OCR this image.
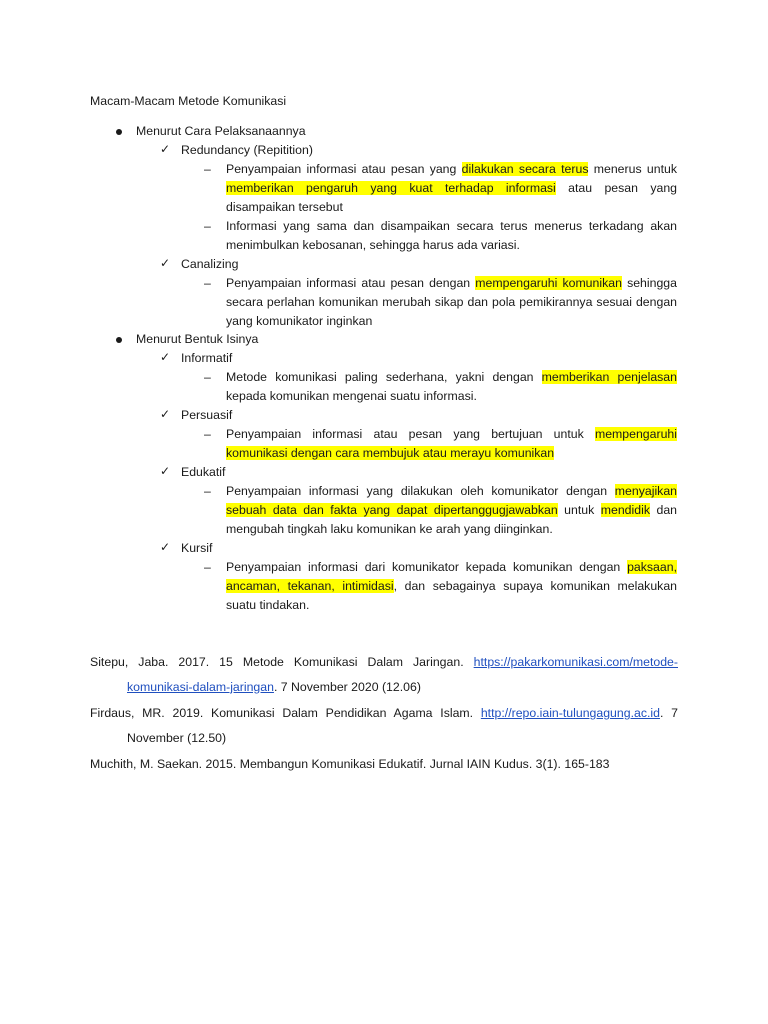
Macam-Macam Metode Komunikasi
Menurut Cara Pelaksanaannya
✓ Redundancy (Repitition)
– Penyampaian informasi atau pesan yang dilakukan secara terus menerus untuk memberikan pengaruh yang kuat terhadap informasi atau pesan yang disampaikan tersebut
– Informasi yang sama dan disampaikan secara terus menerus terkadang akan menimbulkan kebosanan, sehingga harus ada variasi.
✓ Canalizing
– Penyampaian informasi atau pesan dengan mempengaruhi komunikan sehingga secara perlahan komunikan merubah sikap dan pola pemikirannya sesuai dengan yang komunikator inginkan
Menurut Bentuk Isinya
✓ Informatif
– Metode komunikasi paling sederhana, yakni dengan memberikan penjelasan kepada komunikan mengenai suatu informasi.
✓ Persuasif
– Penyampaian informasi atau pesan yang bertujuan untuk mempengaruhi komunikasi dengan cara membujuk atau merayu komunikan
✓ Edukatif
– Penyampaian informasi yang dilakukan oleh komunikator dengan menyajikan sebuah data dan fakta yang dapat dipertanggugjawabkan untuk mendidik dan mengubah tingkah laku komunikan ke arah yang diinginkan.
✓ Kursif
– Penyampaian informasi dari komunikator kepada komunikan dengan paksaan, ancaman, tekanan, intimidasi, dan sebagainya supaya komunikan melakukan suatu tindakan.
Sitepu, Jaba. 2017. 15 Metode Komunikasi Dalam Jaringan. https://pakarkomunikasi.com/metode-komunikasi-dalam-jaringan. 7 November 2020 (12.06)
Firdaus, MR. 2019. Komunikasi Dalam Pendidikan Agama Islam. http://repo.iain-tulungagung.ac.id. 7 November (12.50)
Muchith, M. Saekan. 2015. Membangun Komunikasi Edukatif. Jurnal IAIN Kudus. 3(1). 165-183
